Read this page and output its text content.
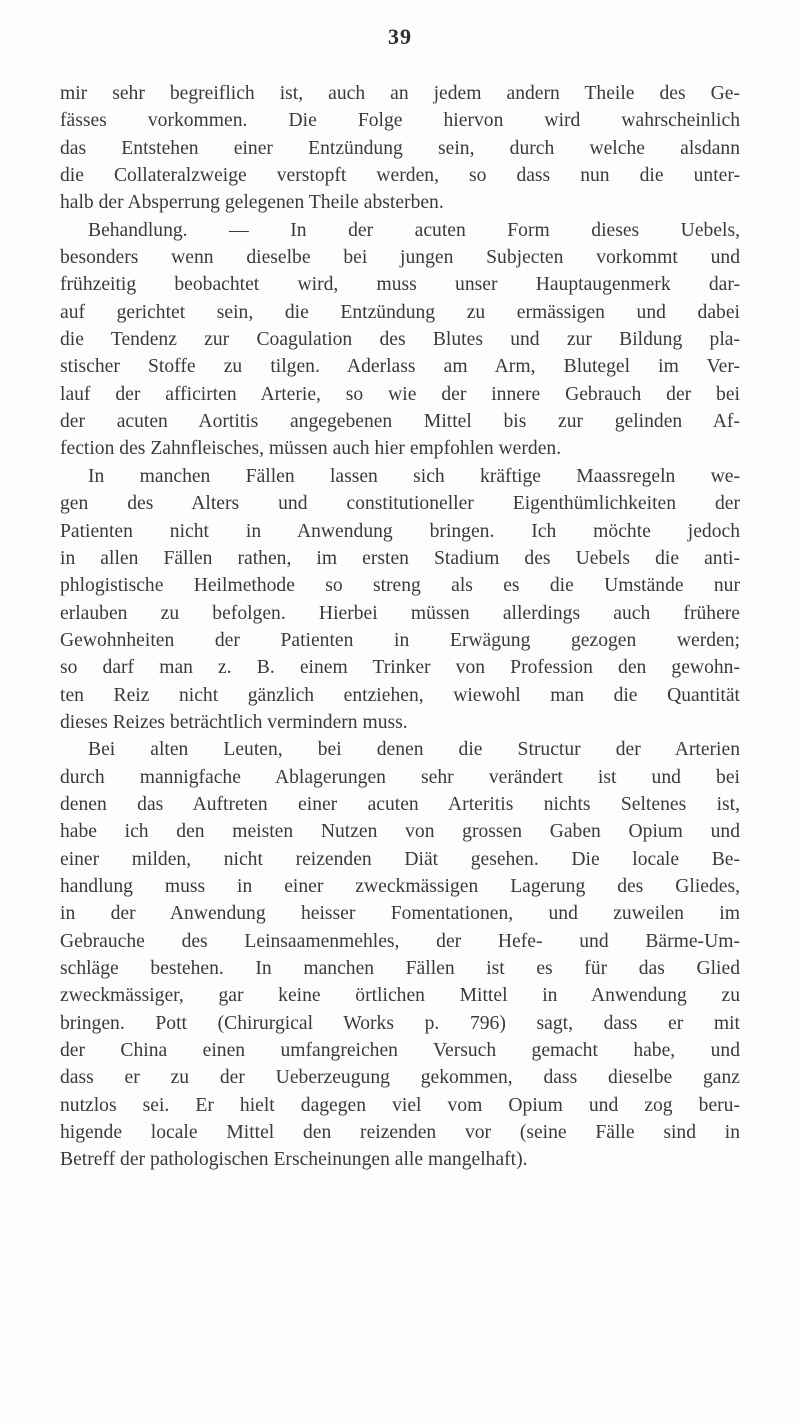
39
mir sehr begreiflich ist, auch an jedem andern Theile des Ge-
fässes vorkommen. Die Folge hiervon wird wahrscheinlich
das Entstehen einer Entzündung sein, durch welche alsdann
die Collateralzweige verstopft werden, so dass nun die unter-
halb der Absperrung gelegenen Theile absterben.
Behandlung. — In der acuten Form dieses Uebels,
besonders wenn dieselbe bei jungen Subjecten vorkommt und
frühzeitig beobachtet wird, muss unser Hauptaugenmerk dar-
auf gerichtet sein, die Entzündung zu ermässigen und dabei
die Tendenz zur Coagulation des Blutes und zur Bildung pla-
stischer Stoffe zu tilgen. Aderlass am Arm, Blutegel im Ver-
lauf der afficirten Arterie, so wie der innere Gebrauch der bei
der acuten Aortitis angegebenen Mittel bis zur gelinden Af-
fection des Zahnfleisches, müssen auch hier empfohlen werden.
In manchen Fällen lassen sich kräftige Maassregeln we-
gen des Alters und constitutioneller Eigenthümlichkeiten der
Patienten nicht in Anwendung bringen. Ich möchte jedoch
in allen Fällen rathen, im ersten Stadium des Uebels die anti-
phlogistische Heilmethode so streng als es die Umstände nur
erlauben zu befolgen. Hierbei müssen allerdings auch frühere
Gewohnheiten der Patienten in Erwägung gezogen werden;
so darf man z. B. einem Trinker von Profession den gewohn-
ten Reiz nicht gänzlich entziehen, wiewohl man die Quantität
dieses Reizes beträchtlich vermindern muss.
Bei alten Leuten, bei denen die Structur der Arterien
durch mannigfache Ablagerungen sehr verändert ist und bei
denen das Auftreten einer acuten Arteritis nichts Seltenes ist,
habe ich den meisten Nutzen von grossen Gaben Opium und
einer milden, nicht reizenden Diät gesehen. Die locale Be-
handlung muss in einer zweckmässigen Lagerung des Gliedes,
in der Anwendung heisser Fomentationen, und zuweilen im
Gebrauche des Leinsaamenmehles, der Hefe- und Bärme-Um-
schläge bestehen. In manchen Fällen ist es für das Glied
zweckmässiger, gar keine örtlichen Mittel in Anwendung zu
bringen. Pott (Chirurgical Works p. 796) sagt, dass er mit
der China einen umfangreichen Versuch gemacht habe, und
dass er zu der Ueberzeugung gekommen, dass dieselbe ganz
nutzlos sei. Er hielt dagegen viel vom Opium und zog beru-
higende locale Mittel den reizenden vor (seine Fälle sind in
Betreff der pathologischen Erscheinungen alle mangelhaft).
